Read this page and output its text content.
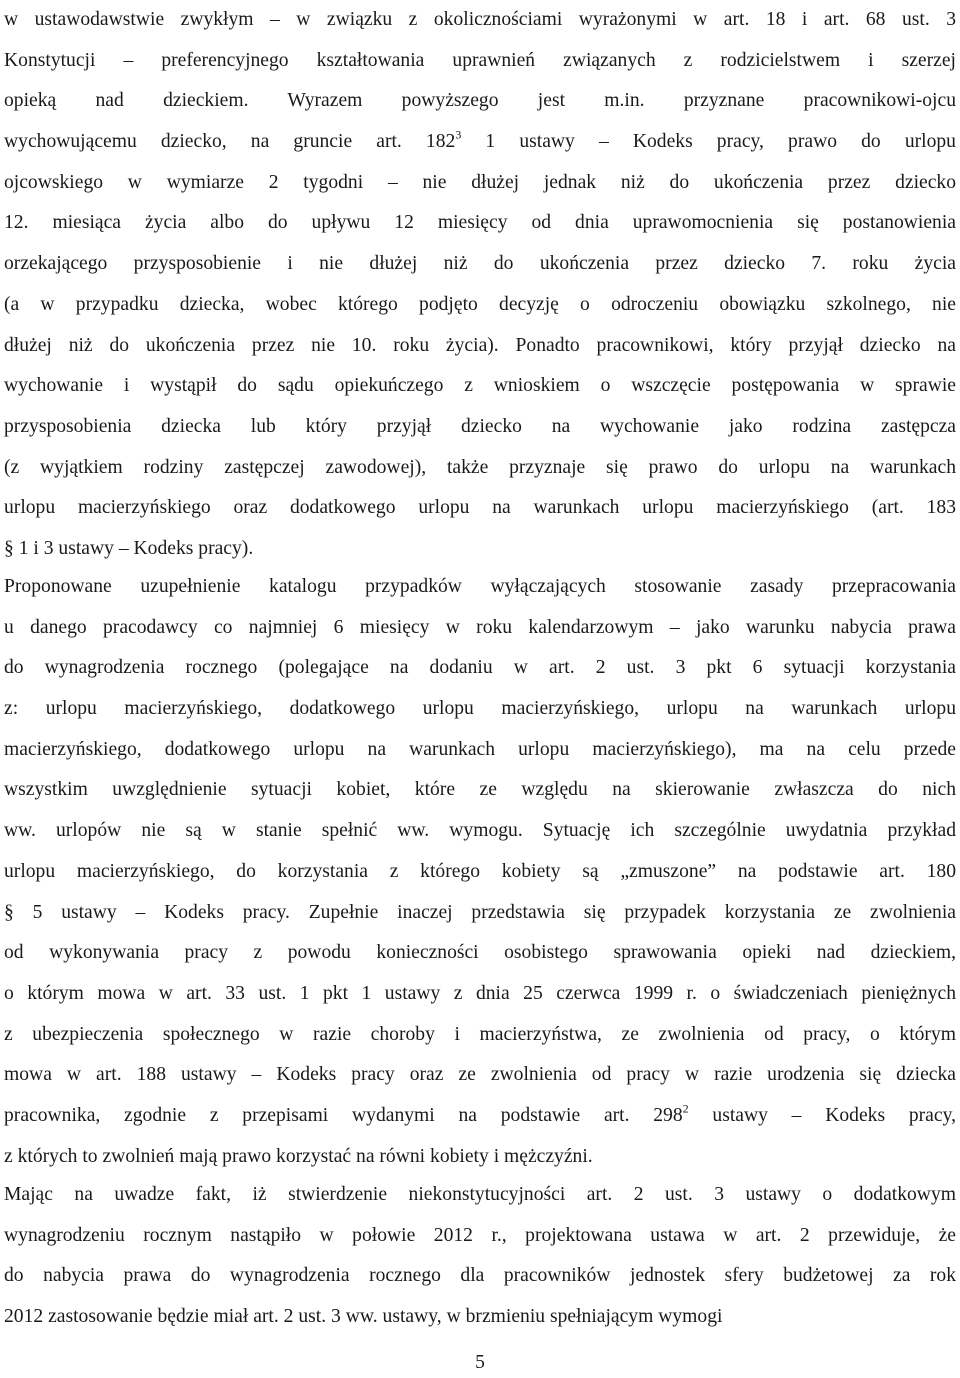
w ustawodawstwie zwykłym – w związku z okolicznościami wyrażonymi w art. 18 i art. 68 ust. 3
Konstytucji – preferencyjnego kształtowania uprawnień związanych z rodzicielstwem i szerzej
opieką nad dzieckiem. Wyrazem powyższego jest m.in. przyznane pracownikowi-ojcu
wychowującemu dziecko, na gruncie art. $182^3$ 1 ustawy – Kodeks pracy, prawo do urlopu
ojcowskiego w wymiarze 2 tygodni – nie dłużej jednak niż do ukończenia przez dziecko
12. miesiąca życia albo do upływu 12 miesięcy od dnia uprawomocnienia się postanowienia
orzekającego przysposobienie i nie dłużej niż do ukończenia przez dziecko 7. roku życia
(a w przypadku dziecka, wobec którego podjęto decyzję o odroczeniu obowiązku szkolnego, nie
dłużej niż do ukończenia przez nie 10. roku życia). Ponadto pracownikowi, który przyjął dziecko na
wychowanie i wystąpił do sądu opiekuńczego z wnioskiem o wszczęcie postępowania w sprawie
przysposobienia dziecka lub który przyjął dziecko na wychowanie jako rodzina zastępcza
(z wyjątkiem rodziny zastępczej zawodowej), także przyznaje się prawo do urlopu na warunkach
urlopu macierzyńskiego oraz dodatkowego urlopu na warunkach urlopu macierzyńskiego (art. 183
§ 1 i 3 ustawy – Kodeks pracy).
Proponowane uzupełnienie katalogu przypadków wyłączających stosowanie zasady przepracowania
u danego pracodawcy co najmniej 6 miesięcy w roku kalendarzowym – jako warunku nabycia prawa
do wynagrodzenia rocznego (polegające na dodaniu w art. 2 ust. 3 pkt 6 sytuacji korzystania
z: urlopu macierzyńskiego, dodatkowego urlopu macierzyńskiego, urlopu na warunkach urlopu
macierzyńskiego, dodatkowego urlopu na warunkach urlopu macierzyńskiego), ma na celu przede
wszystkim uwzględnienie sytuacji kobiet, które ze względu na skierowanie zwłaszcza do nich
ww. urlopów nie są w stanie spełnić ww. wymogu. Sytuację ich szczególnie uwydatnia przykład
urlopu macierzyńskiego, do korzystania z którego kobiety są „zmuszone” na podstawie art. 180
§ 5 ustawy – Kodeks pracy. Zupełnie inaczej przedstawia się przypadek korzystania ze zwolnienia
od wykonywania pracy z powodu konieczności osobistego sprawowania opieki nad dzieckiem,
o którym mowa w art. 33 ust. 1 pkt 1 ustawy z dnia 25 czerwca 1999 r. o świadczeniach pieniężnych
z ubezpieczenia społecznego w razie choroby i macierzyństwa, ze zwolnienia od pracy, o którym
mowa w art. 188 ustawy – Kodeks pracy oraz ze zwolnienia od pracy w razie urodzenia się dziecka
pracownika, zgodnie z przepisami wydanymi na podstawie art. $298^2$ ustawy – Kodeks pracy,
z których to zwolnień mają prawo korzystać na równi kobiety i mężczyźni.
Mając na uwadze fakt, iż stwierdzenie niekonstytucyjności art. 2 ust. 3 ustawy o dodatkowym
wynagrodzeniu rocznym nastąpiło w połowie 2012 r., projektowana ustawa w art. 2 przewiduje, że
do nabycia prawa do wynagrodzenia rocznego dla pracowników jednostek sfery budżetowej za rok
2012 zastosowanie będzie miał art. 2 ust. 3 ww. ustawy, w brzmieniu spełniającym wymogi
5
